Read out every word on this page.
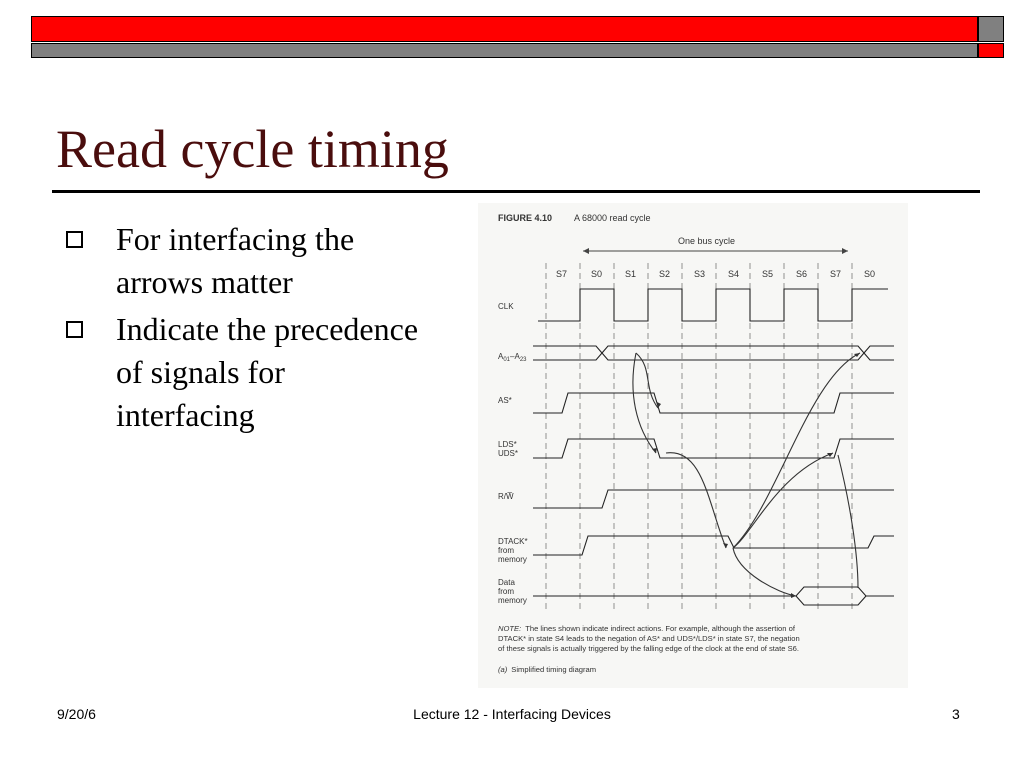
Read cycle timing
For interfacing the arrows matter
Indicate the precedence of signals for interfacing
FIGURE 4.10 A 68000 read cycle
One bus cycle
S7	S0	S1	S2	S3	S4	S5	S6	S7	S0
CLK
$A_{01}-A_{23}$
AS*
LDS*
UDS*
R/W̅
DTACK*
from
memory
Data
from
memory
NOTE: The lines shown indicate indirect actions. For example, although the assertion of
DTACK* in state S4 leads to the negation of AS* and UDS*/LDS* in state S7, the negation
of these signals is actually triggered by the falling edge of the clock at the end of state S6.
(a) Simplified timing diagram
9/20/6	Lecture 12 - Interfacing Devices	3
